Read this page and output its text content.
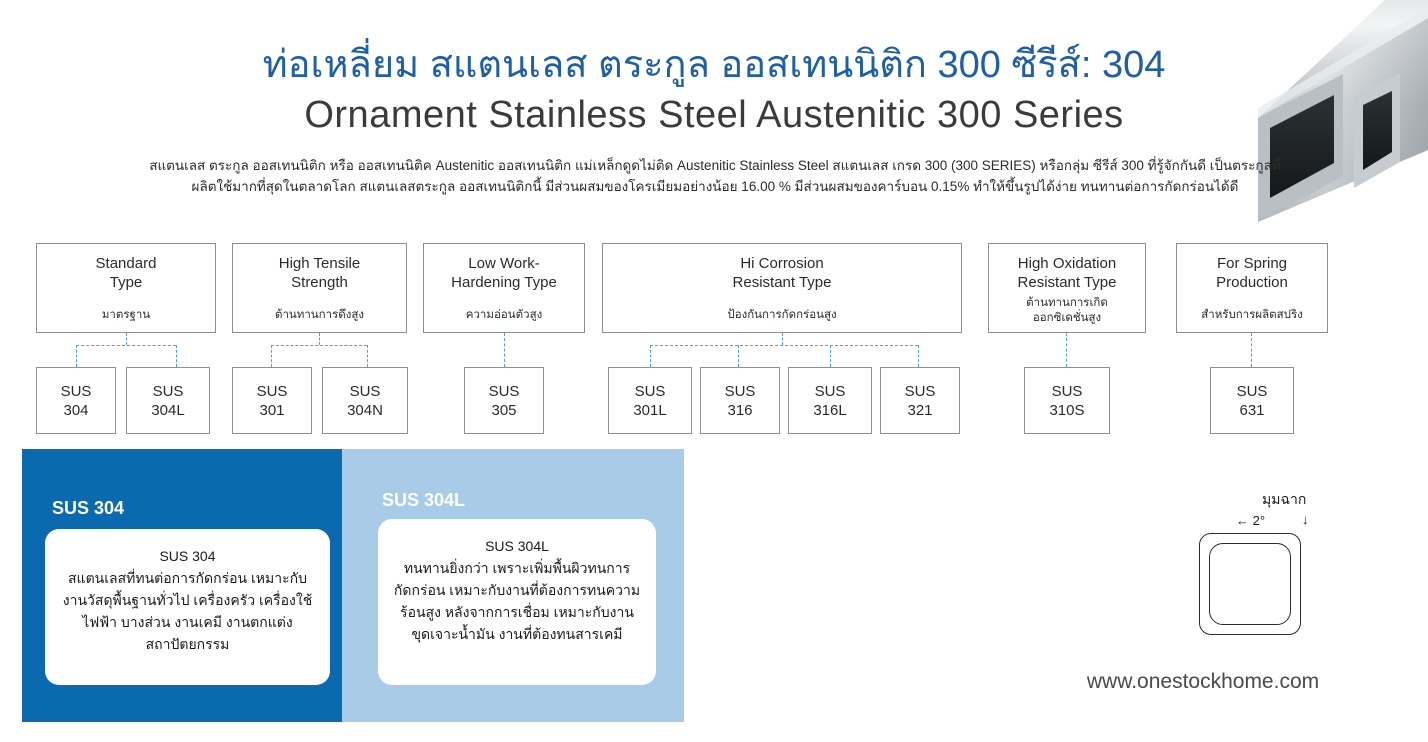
ท่อเหลี่ยม สแตนเลส ตระกูล ออสเทนนิติก 300 ซีรีส์: 304
Ornament Stainless Steel Austenitic 300 Series
สแตนเลส ตระกูล ออสเทนนิติก หรือ ออสเทนนิติค Austenitic ออสเทนนิติก แม่เหล็กดูดไม่ติด Austenitic Stainless Steel สแตนเลส เกรด 300 (300 SERIES) หรือกลุ่ม ซีรีส์ 300 ที่รู้จักกันดี เป็นตระกูลที่ผลิตใช้มากที่สุดในตลาดโลก สแตนเลสตระกูล ออสเทนนิติกนี้ มีส่วนผสมของโครเมียมอย่างน้อย 16.00 % มีส่วนผสมของคาร์บอน 0.15% ทำให้ขึ้นรูปได้ง่าย ทนทานต่อการกัดกร่อนได้ดี
Standard
Type
มาตรฐาน
High Tensile
Strength
ต้านทานการดึงสูง
Low Work-
Hardening Type
ความอ่อนตัวสูง
Hi Corrosion
Resistant Type
ป้องกันการกัดกร่อนสูง
High Oxidation
Resistant Type
ต้านทานการเกิด
ออกซิเดชั่นสูง
For Spring
Production
สำหรับการผลิตสปริง
SUS
304
SUS
304L
SUS
301
SUS
304N
SUS
305
SUS
301L
SUS
316
SUS
316L
SUS
321
SUS
310S
SUS
631
SUS 304	SUS 304L
SUS 304
สแตนเลสที่ทนต่อการกัดกร่อน เหมาะกับงานวัสดุพื้นฐานทั่วไป เครื่องครัว เครื่องใช้ไฟฟ้า บางส่วน งานเคมี งานตกแต่ง สถาปัตยกรรม
SUS 304L
ทนทานยิ่งกว่า เพราะเพิ่มพื้นผิวทนการกัดกร่อน เหมาะกับงานที่ต้องการทนความร้อนสูง หลังจากการเชื่อม เหมาะกับงานขุดเจาะน้ำมัน งานที่ต้องทนสารเคมี
มุมฉาก
← 2°	↓
www.onestockhome.com
